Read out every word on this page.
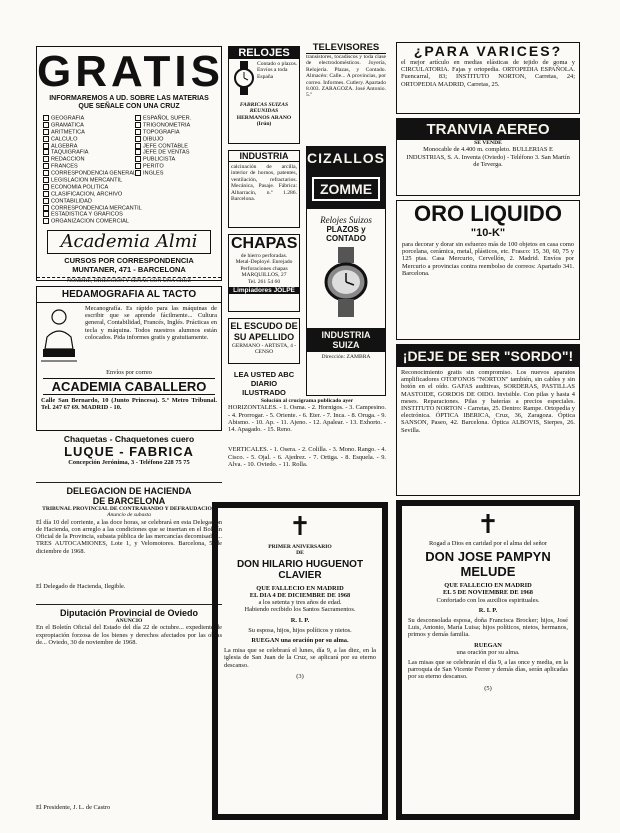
GRATIS
INFORMAREMOS A UD. SOBRE LAS MATERIAS QUE SEÑALE CON UNA CRUZ
GEOGRAFIA
GRAMATICA
ARITMETICA
CALCULO
ALGEBRA
TAQUIGRAFIA
REDACCION
FRANCES
CORRESPONDENCIA GENERAL
LEGISLACION MERCANTIL
ECONOMIA POLITICA
CLASIFICACION, ARCHIVO
CONTABILIDAD
CORRESPONDENCIA MERCANTIL
ESTADISTICA Y GRAFICOS
ORGANIZACION COMERCIAL
ESPAÑOL SUPER.
TRIGONOMETRIA
TOPOGRAFIA
DIBUJO
JEFE CONTABLE
JEFE DE VENTAS
PUBLICISTA
PERITO
INGLES
Academia Almi
CURSOS POR CORRESPONDENCIA
MUNTANER, 471 - BARCELONA
NOMBRE, DIRECCION Y SEÑAS CON UNA CRUZ
HEDAMOGRAFIA AL TACTO
Mecanografía. Es rápido para las máquinas de escribir que se aprende fácilmente... Cultura general, Contabilidad, Francés, Inglés. Prácticas en tecla y máquina. Todos nuestros alumnos están colocados. Pida informes gratis y gratuitamente.
Envíos por correo
ACADEMIA CABALLERO
Calle San Bernardo, 10 (Junto Princesa). 5.º Metro Tribunal. Tel. 247 67 69. MADRID - 10.
Chaquetas - Chaquetones cuero
LUQUE - FABRICA
Concepción Jerónima, 3 - Teléfono 228 75 75
DELEGACION DE HACIENDA
DE BARCELONA
TRIBUNAL PROVINCIAL DE CONTRABANDO Y DEFRAUDACION
Anuncio de subasta
El día 10 del corriente, a las doce horas, se celebrará en esta Delegación de Hacienda, con arreglo a las condiciones que se insertan en el Boletín Oficial de la Provincia, subasta pública de las mercancías decomisadas... TRES AUTOCAMIONES, Lote 1, y Velomotores. Barcelona, 5 de diciembre de 1968.
El Delegado de Hacienda, Ilegible.
Diputación Provincial de Oviedo
ANUNCIO
En el Boletín Oficial del Estado del día 22 de octubre... expediente de expropiación forzosa de los bienes y derechos afectados por las obras de... Oviedo, 30 de noviembre de 1968.
El Presidente, J. L. de Castro
RELOJES
Contado o plazos.
Envíos a toda
España
FABRICAS SUIZAS REUNIDAS
HERMANOS ARANO (Irún)
INDUSTRIA
calcinación de arcilla, interior de hornos, patentes, ventilación, refractarios. Mecánica, Pasaje. Fábrica: Albarracín, n.º 1.286. Barcelona.
CHAPAS
de hierro perforadas.
Metal-Deployé. Enrejado
Perforaciones chapas
MARQUILLOS, 27
Tel. 261 54 60
Limpiadores JOLPE
EL ESCUDO DE SU APELLIDO
GERMANO - ARTISTA, 4 - CENSO
LEA USTED ABC
DIARIO ILUSTRADO
TELEVISORES
transistores, tocadiscos y toda clase de electrodomésticos. Joyería, Relojería. Plazas, y Contado. Almacén: Calle... A provincias, por correo. Informes. Cutlery. Apartado 8.003. ZARAGOZA. José Antonio. 5.º
CIZALLOS
ZOMME
Relojes Suizos
PLAZOS y CONTADO
INDUSTRIA SUIZA
Dirección: ZAMBRA
Solución al crucigrama publicado ayer
HORIZONTALES. - 1. Osma. - 2. Hornigos. - 3. Campesino. - 4. Prorrogar. - 5. Oriente. - 6. Eter. - 7. Inca. - 8. Oruga. - 9. Abismo. - 10. Ap. - 11. Ajeno. - 12. Apalear. - 13. Exhorto. - 14. Apagado. - 15. Reno.
VERTICALES. - 1. Osera. - 2. Colilla. - 3. Mono. Rango. - 4. Cisco. - 5. Ojal. - 6. Ajedrez. - 7. Ortiga. - 8. Esquela. - 9. Alva. - 10. Oviedo. - 11. Rolla.
¿PARA VARICES?
el mejor artículo en medias elásticas de tejido de goma y CIRCULATORIA. Fajas y ortopedia. ORTOPEDIA ESPAÑOLA. Fuencarral, 83; INSTITUTO NORTON, Carretas, 24; ORTOPEDIA MADRID, Carretas, 25.
TRANVIA AEREO
SE VENDE
Monocable de 4.400 m. completo. BULLERIAS E INDUSTRIAS, S. A. Inventa (Oviedo) - Teléfono 3. San Martín de Teverga.
ORO LIQUIDO
"10-K"
para decorar y dorar sin esfuerzo más de 100 objetos en casa como porcelana, cerámica, metal, plásticos, etc. Frasco: 15, 30, 60, 75 y 125 ptas. Casa Mercurio, Cervellón, 2. Madrid. Envíos por Mercurio a provincias contra reembolso de correos: Apartado 341. Barcelona.
¡DEJE DE SER "SORDO"!
Reconocimiento gratis sin compromiso. Los nuevos aparatos amplificadores OTOFONOS "NORTON" también, sin cables y sin botón en el oído. GAFAS auditivas, SORDERAS, PASTILLAS MASTOIDE, GORDOS DE OIDO. Invisible. Con pilas y hasta 4 meses. Reparaciones. Pilas y baterías a precios especiales. INSTITUTO NORTON - Carretas, 25. Dentro: Rampe. Ortopedia y electrónica. ÓPTICA IBERICA, Cruz, 36, Zaragoza. Óptica SANSON, Paseo, 42. Barcelona. Óptica ALBOVIS, Sierpes, 26. Sevilla.
✝
PRIMER ANIVERSARIO
DE
DON HILARIO HUGUENOT
CLAVIER
QUE FALLECIO EN MADRID
EL DIA 4 DE DICIEMBRE DE 1968
a los setenta y tres años de edad.
Habiendo recibido los Santos Sacramentos.
R. I. P.
Su esposa, hijos, hijos políticos y nietos.
RUEGAN una oración por su alma.
La misa que se celebrará el lunes, día 9, a las diez, en la iglesia de San Juan de la Cruz, se aplicará por su eterno descanso.
(3)
✝
Rogad a Dios en caridad por el alma del señor
DON JOSE PAMPYN
MELUDE
QUE FALLECIO EN MADRID
EL 5 DE NOVIEMBRE DE 1968
Confortado con los auxilios espirituales.
R. I. P.
Su desconsolada esposa, doña Francisca Brocker; hijos, José Luis, Antonio, María Luisa; hijos políticos, nietos, hermanos, primos y demás familia.
RUEGAN
una oración por su alma.
Las misas que se celebrarán el día 9, a las once y media, en la parroquia de San Vicente Ferrer y demás días, serán aplicadas por su eterno descanso.
(5)
